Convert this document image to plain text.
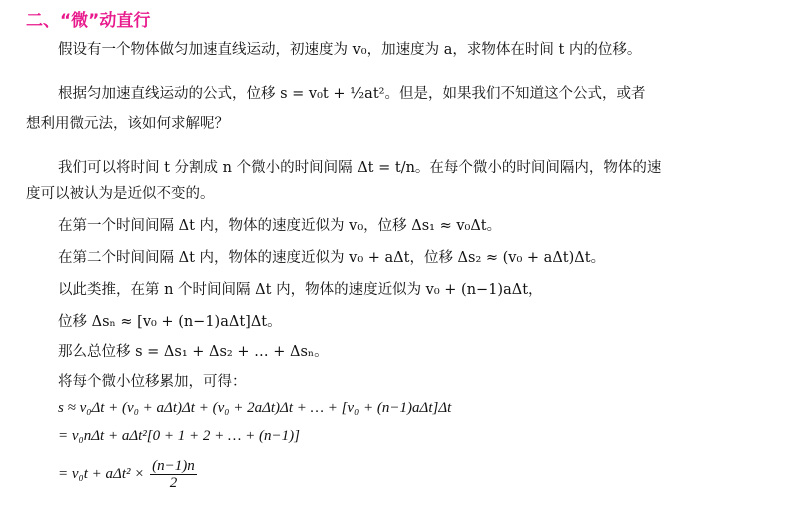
二、“微”动直行
假设有一个物体做匀加速直线运动，初速度为 v₀，加速度为 a，求物体在时间 t 内的位移。
根据匀加速直线运动的公式，位移 s = v₀t + ½at²。但是，如果我们不知道这个公式，或者
想利用微元法，该如何求解呢？
我们可以将时间 t 分割成 n 个微小的时间间隔 Δt = t/n。在每个微小的时间间隔内，物体的速
度可以被认为是近似不变的。
在第一个时间间隔 Δt 内，物体的速度近似为 v₀，位移 Δs₁ ≈ v₀Δt。
在第二个时间间隔 Δt 内，物体的速度近似为 v₀ + aΔt，位移 Δs₂ ≈ (v₀ + aΔt)Δt。
以此类推，在第 n 个时间间隔 Δt 内，物体的速度近似为 v₀ + (n−1)aΔt，
位移 Δsₙ ≈ [v₀ + (n−1)aΔt]Δt。
那么总位移 s = Δs₁ + Δs₂ + … + Δsₙ。
将每个微小位移累加，可得：
s ≈ v₀Δt + (v₀ + aΔt)Δt + (v₀ + 2aΔt)Δt + … + [v₀ + (n−1)aΔt]Δt
= v₀nΔt + aΔt²[0 + 1 + 2 + … + (n−1)]
= $v_0t + a\Delta t^2 \times \frac{(n-1)n}{2}$
